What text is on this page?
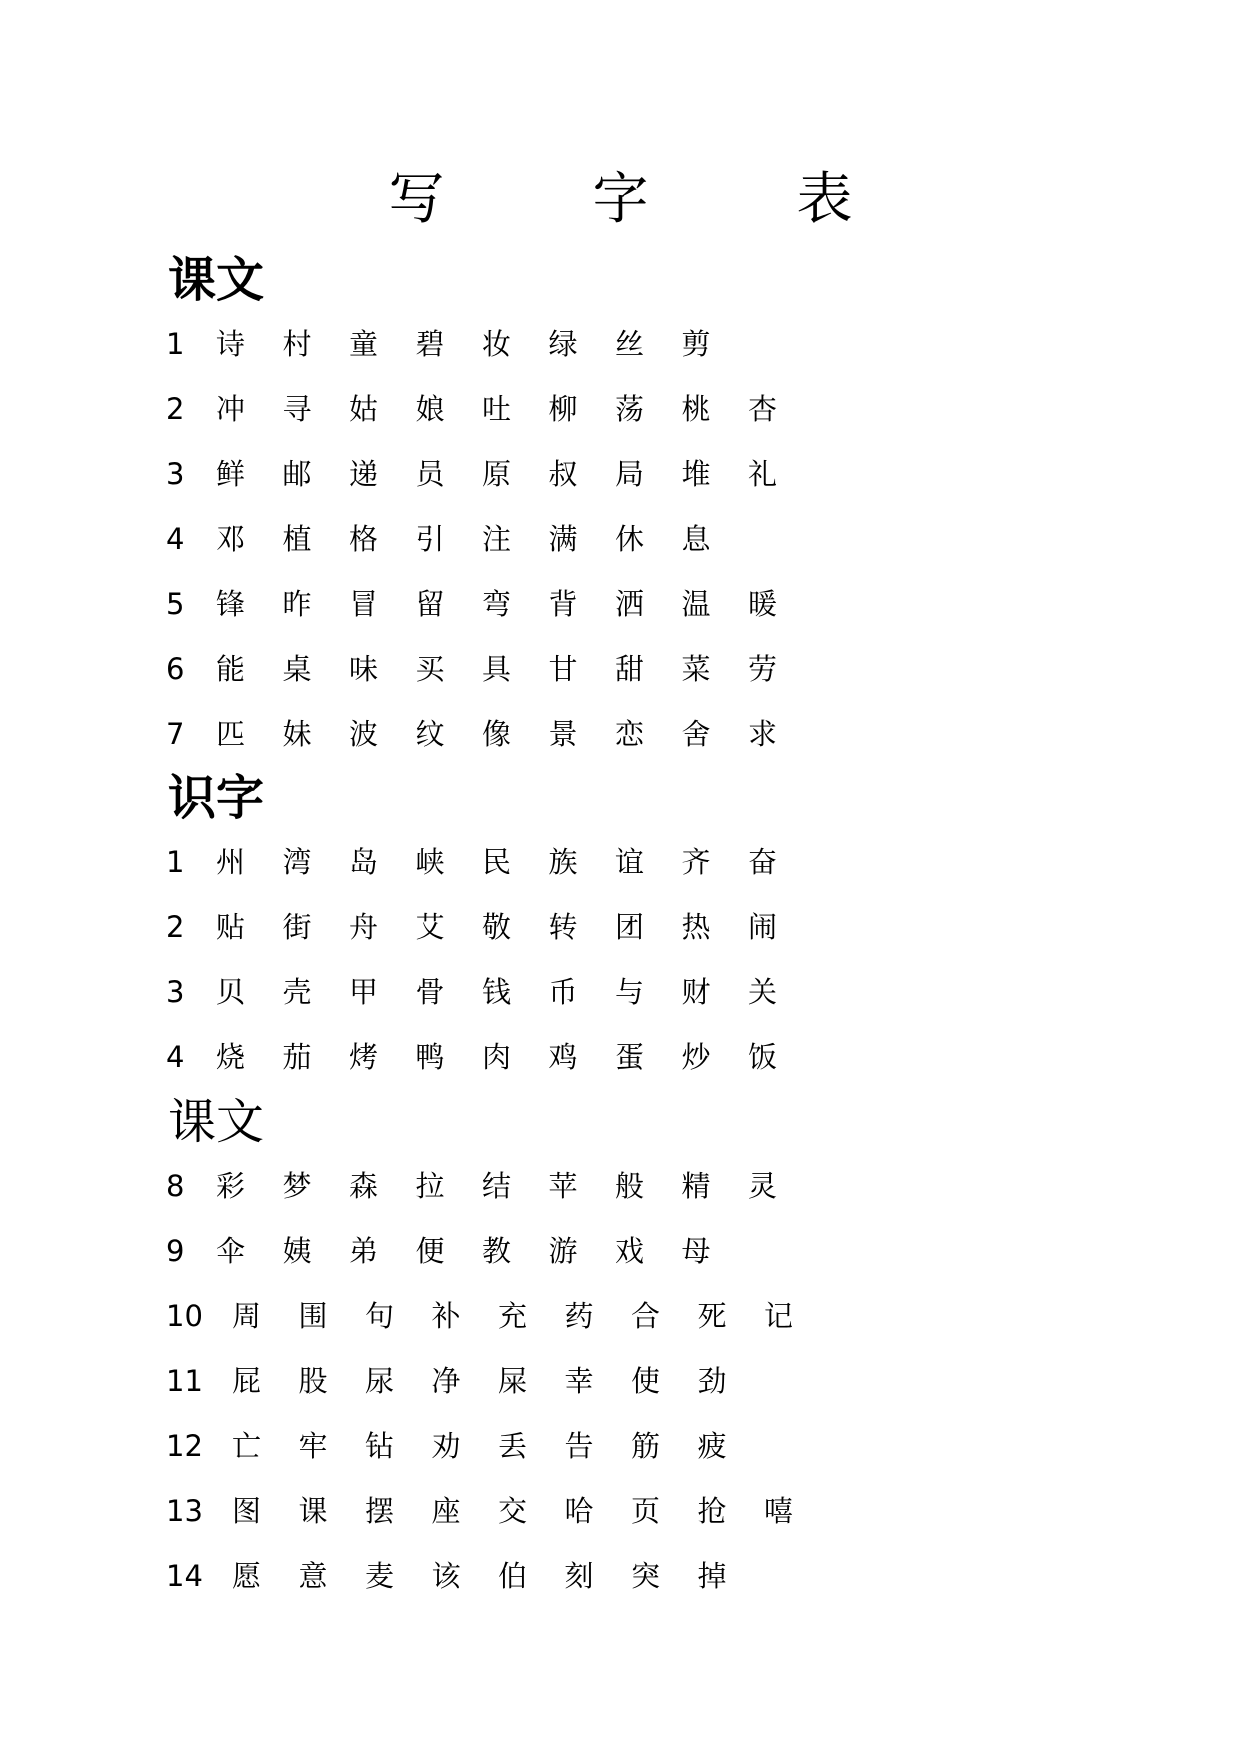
写　字　表
课文
1	诗	村	童	碧	妆	绿	丝	剪
2	冲	寻	姑	娘	吐	柳	荡	桃	杏
3	鲜	邮	递	员	原	叔	局	堆	礼
4	邓	植	格	引	注	满	休	息
5	锋	昨	冒	留	弯	背	洒	温	暖
6	能	桌	味	买	具	甘	甜	菜	劳
7	匹	妹	波	纹	像	景	恋	舍	求
识字
1	州	湾	岛	峡	民	族	谊	齐	奋
2	贴	街	舟	艾	敬	转	团	热	闹
3	贝	壳	甲	骨	钱	币	与	财	关
4	烧	茄	烤	鸭	肉	鸡	蛋	炒	饭
课文
8	彩	梦	森	拉	结	苹	般	精	灵
9	伞	姨	弟	便	教	游	戏	母
10	周	围	句	补	充	药	合	死	记
11	屁	股	尿	净	屎	幸	使	劲
12	亡	牢	钻	劝	丢	告	筋	疲
13	图	课	摆	座	交	哈	页	抢	嘻
14	愿	意	麦	该	伯	刻	突	掉
